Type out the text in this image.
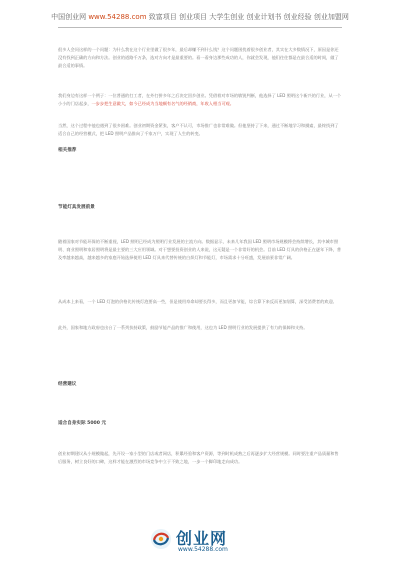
中国创业网 www.54288.com 致富项目 创业项目 大学生创业 创业计划书 创业经验 创业加盟网

很多人会问这样的一个问题：为什么我在这个行业里做了很多年，最后却赚不到什么钱？这个问题困扰着很多创业者，其实在大多数情况下，原因是你还没有找到正确的方向和方法。创业的道路千万条，选对方向才是最重要的。看一看身边那些成功的人，你就会发现，他们往往都是在最合适的时间，做了最合适的事情。

我们身边有这样一个例子：一位普通的打工者，在外打拼多年之后决定回乡创业。凭借着对市场的敏锐判断，他选择了 LED 照明这个新兴的行业，从一个小小的门店起步，一步步把生意做大，如今已经成为当地颇有名气的经销商，年收入相当可观。

当然，这个过程中他也遇到了很多困难。创业初期资金紧张，客户不认可，市场推广也非常难做。但他坚持了下来，通过不断地学习和摸索，最终找到了适合自己的经营模式，把 LED 照明产品推向了千家万户，实现了人生的转变。

相关推荐
节能灯具发展前景

随着国家对节能环保的不断重视，LED 照明已经成为照明行业发展的主流方向。数据显示，未来几年我国 LED 照明市场规模将会持续增长，其中城市照明、商业照明和家居照明将是最主要的三大应用领域。对于想要投资创业的人来说，这无疑是一个非常好的机会。目前 LED 灯具的价格正在逐年下降，普及率越来越高，越来越多的家庭开始选择使用 LED 灯具来代替传统的白炽灯和节能灯，市场需求十分旺盛，发展前景非常广阔。

从成本上来看，一个 LED 灯泡的价格比传统灯泡要高一些，但是使用寿命却要长得多，而且更加节能，综合算下来反而更加划算，深受消费者的欢迎。

此外，国家和地方政府也出台了一系列扶持政策，鼓励节能产品的推广和使用，这也为 LED 照明行业的发展提供了有力的保障和支持。

经营建议
适合自身实际 5000 元

创业初期建议从小规模做起，先开设一家小型的门店或者网店，积累经验和客户资源，等到时机成熟之后再逐步扩大经营规模。同时要注重产品质量和售后服务，树立良好的口碑，这样才能在激烈的市场竞争中立于不败之地，一步一个脚印地走向成功。

创业网
www.54288.com
